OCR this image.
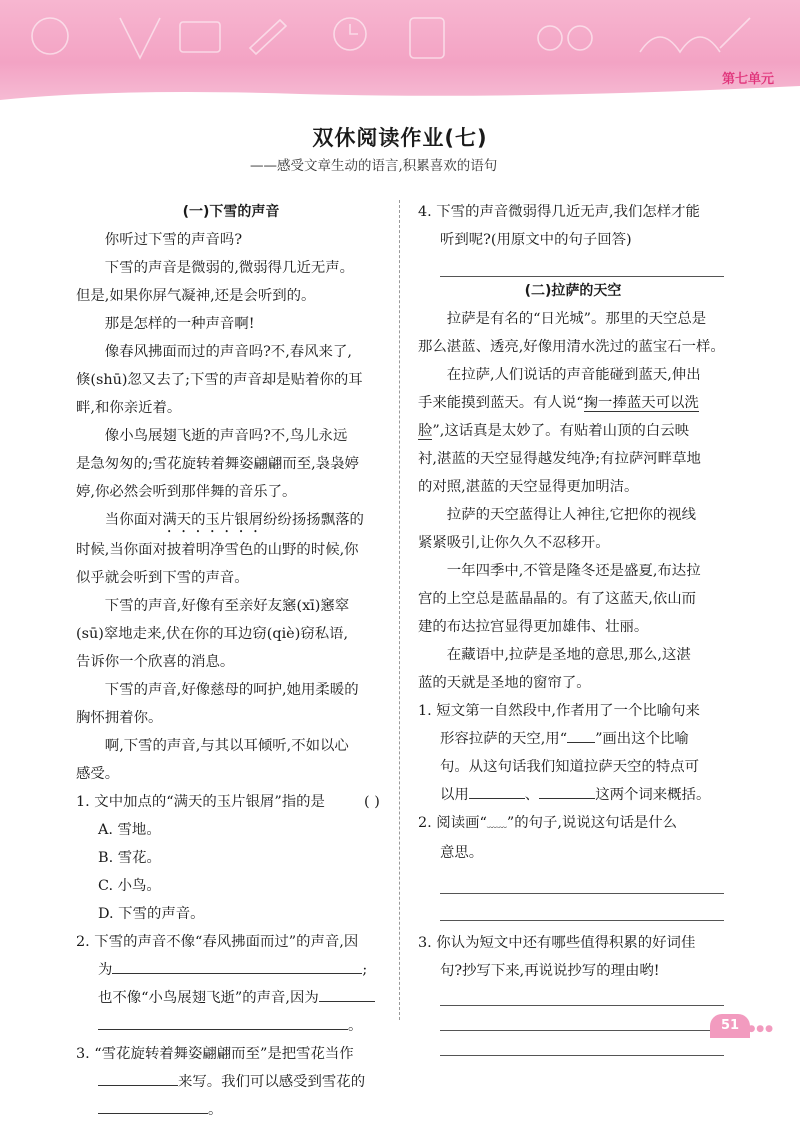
第七单元
双休阅读作业(七)
——感受文章生动的语言,积累喜欢的语句
(一)下雪的声音

你听过下雪的声音吗?

下雪的声音是微弱的,微弱得几近无声。

但是,如果你屏气凝神,还是会听到的。

那是怎样的一种声音啊!

像春风拂面而过的声音吗?不,春风来了,

倏(shū)忽又去了;下雪的声音却是贴着你的耳

畔,和你亲近着。

像小鸟展翅飞逝的声音吗?不,鸟儿永远

是急匆匆的;雪花旋转着舞姿翩翩而至,袅袅婷

婷,你必然会听到那伴舞的音乐了。

当你面对满天的玉片银屑纷纷扬扬飘落的

时候,当你面对披着明净雪色的山野的时候,你

似乎就会听到下雪的声音。

下雪的声音,好像有至亲好友窸(xī)窸窣

(sū)窣地走来,伏在你的耳边窃(qiè)窃私语,

告诉你一个欣喜的消息。

下雪的声音,好像慈母的呵护,她用柔暖的

胸怀拥着你。

啊,下雪的声音,与其以耳倾听,不如以心

感受。

1. 文中加点的“满天的玉片银屑”指的是	( )

A. 雪地。
B. 雪花。
C. 小鸟。
D. 下雪的声音。

2. 下雪的声音不像“春风拂面而过”的声音,因

为	;

也不像“小鸟展翅飞逝”的声音,因为

。

3. “雪花旋转着舞姿翩翩而至”是把雪花当作

来写。我们可以感受到雪花的

。

4. 下雪的声音微弱得几近无声,我们怎样才能

听到呢?(用原文中的句子回答)

(二)拉萨的天空

拉萨是有名的“日光城”。那里的天空总是

那么湛蓝、透亮,好像用清水洗过的蓝宝石一样。

在拉萨,人们说话的声音能碰到蓝天,伸出

手来能摸到蓝天。有人说“掬一捧蓝天可以洗

脸”,这话真是太妙了。有贴着山顶的白云映

衬,湛蓝的天空显得越发纯净;有拉萨河畔草地

的对照,湛蓝的天空显得更加明洁。

拉萨的天空蓝得让人神往,它把你的视线

紧紧吸引,让你久久不忍移开。

一年四季中,不管是隆冬还是盛夏,布达拉

宫的上空总是蓝晶晶的。有了这蓝天,依山而

建的布达拉宫显得更加雄伟、壮丽。

在藏语中,拉萨是圣地的意思,那么,这湛

蓝的天就是圣地的窗帘了。

1. 短文第一自然段中,作者用了一个比喻句来

形容拉萨的天空,用“ ”画出这个比喻

句。从这句话我们知道拉萨天空的特点可

以用	、	这两个词来概括。

2. 阅读画“﹏﹏”的句子,说说这句话是什么

意思。

3. 你认为短文中还有哪些值得积累的好词佳

句?抄写下来,再说说抄写的理由哟!

51 ●●●
